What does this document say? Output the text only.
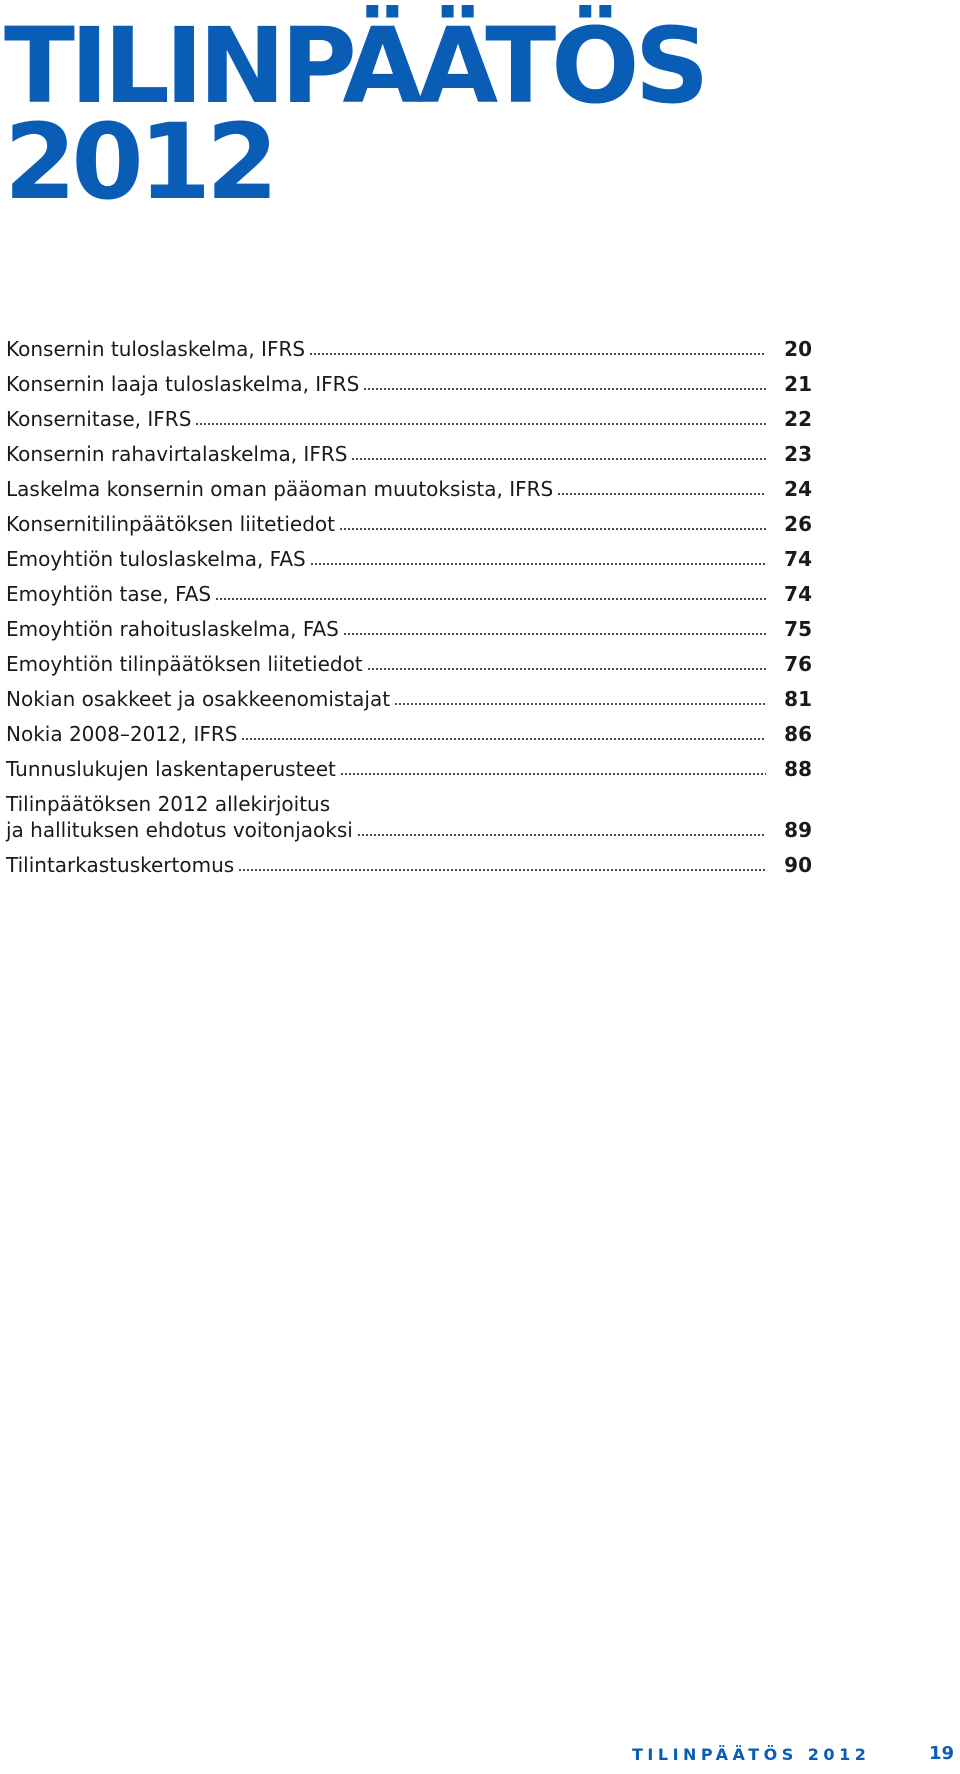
TILINPÄÄTÖS
2012
Konsernin tuloslaskelma, IFRS	20
Konsernin laaja tuloslaskelma, IFRS	21
Konsernitase, IFRS	22
Konsernin rahavirtalaskelma, IFRS	23
Laskelma konsernin oman pääoman muutoksista, IFRS	24
Konsernitilinpäätöksen liitetiedot	26
Emoyhtiön tuloslaskelma, FAS	74
Emoyhtiön tase, FAS	74
Emoyhtiön rahoituslaskelma, FAS	75
Emoyhtiön tilinpäätöksen liitetiedot	76
Nokian osakkeet ja osakkeenomistajat	81
Nokia 2008–2012, IFRS	86
Tunnuslukujen laskentaperusteet	88
Tilinpäätöksen 2012 allekirjoitus
ja hallituksen ehdotus voitonjaoksi	89
Tilintarkastuskertomus	90

TILINPÄÄTÖS 2012	19
